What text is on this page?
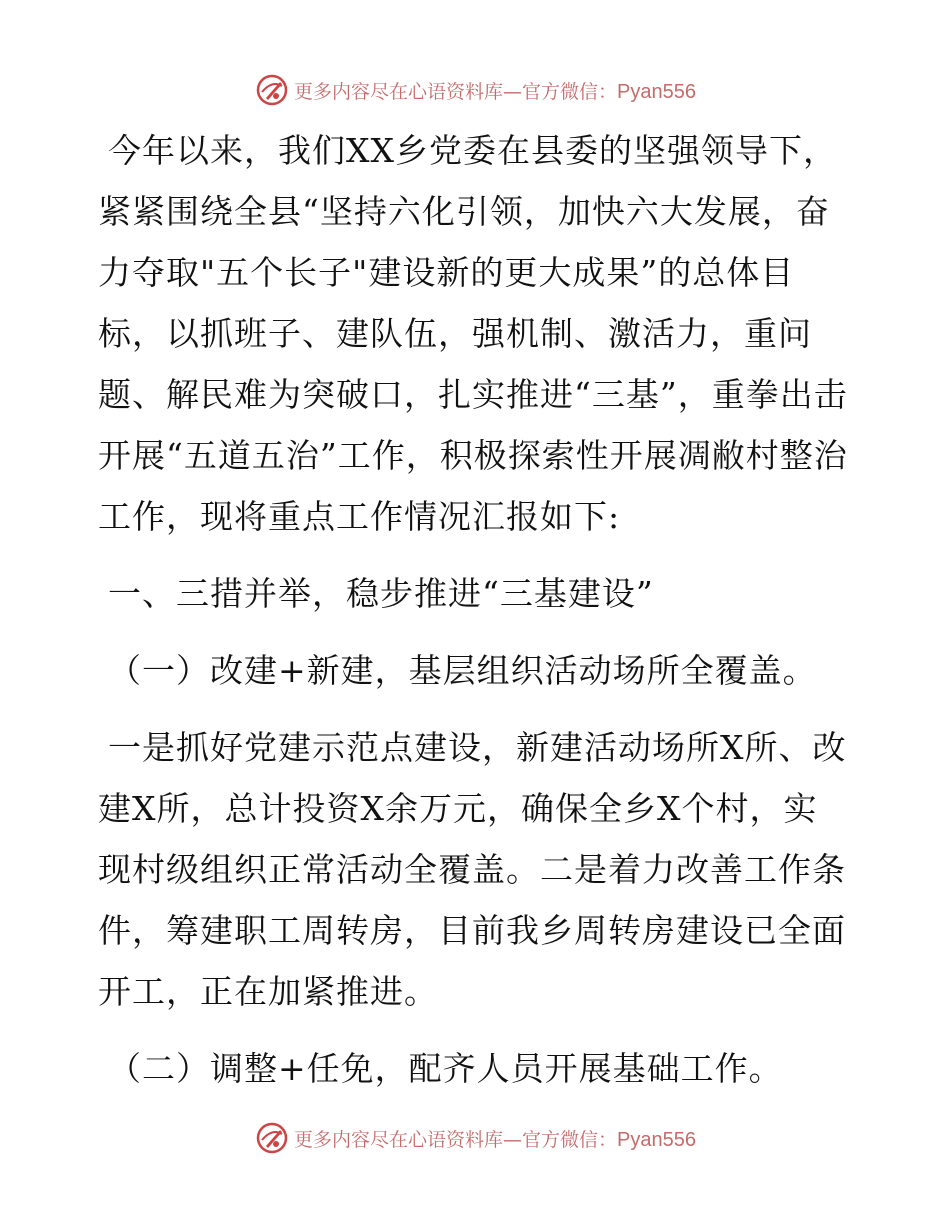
更多内容尽在心语资料库—官方微信：Pyan556

今年以来，我们XX乡党委在县委的坚强领导下，紧紧围绕全县“坚持六化引领，加快六大发展，奋力夺取"五个长子"建设新的更大成果”的总体目标，以抓班子、建队伍，强机制、激活力，重问题、解民难为突破口，扎实推进“三基”，重拳出击开展“五道五治”工作，积极探索性开展凋敝村整治工作，现将重点工作情况汇报如下:

一、三措并举，稳步推进“三基建设”

（一）改建+新建，基层组织活动场所全覆盖。

一是抓好党建示范点建设，新建活动场所X所、改建X所，总计投资X余万元，确保全乡X个村，实现村级组织正常活动全覆盖。二是着力改善工作条件，筹建职工周转房，目前我乡周转房建设已全面开工，正在加紧推进。

（二）调整+任免，配齐人员开展基础工作。

更多内容尽在心语资料库—官方微信：Pyan556
